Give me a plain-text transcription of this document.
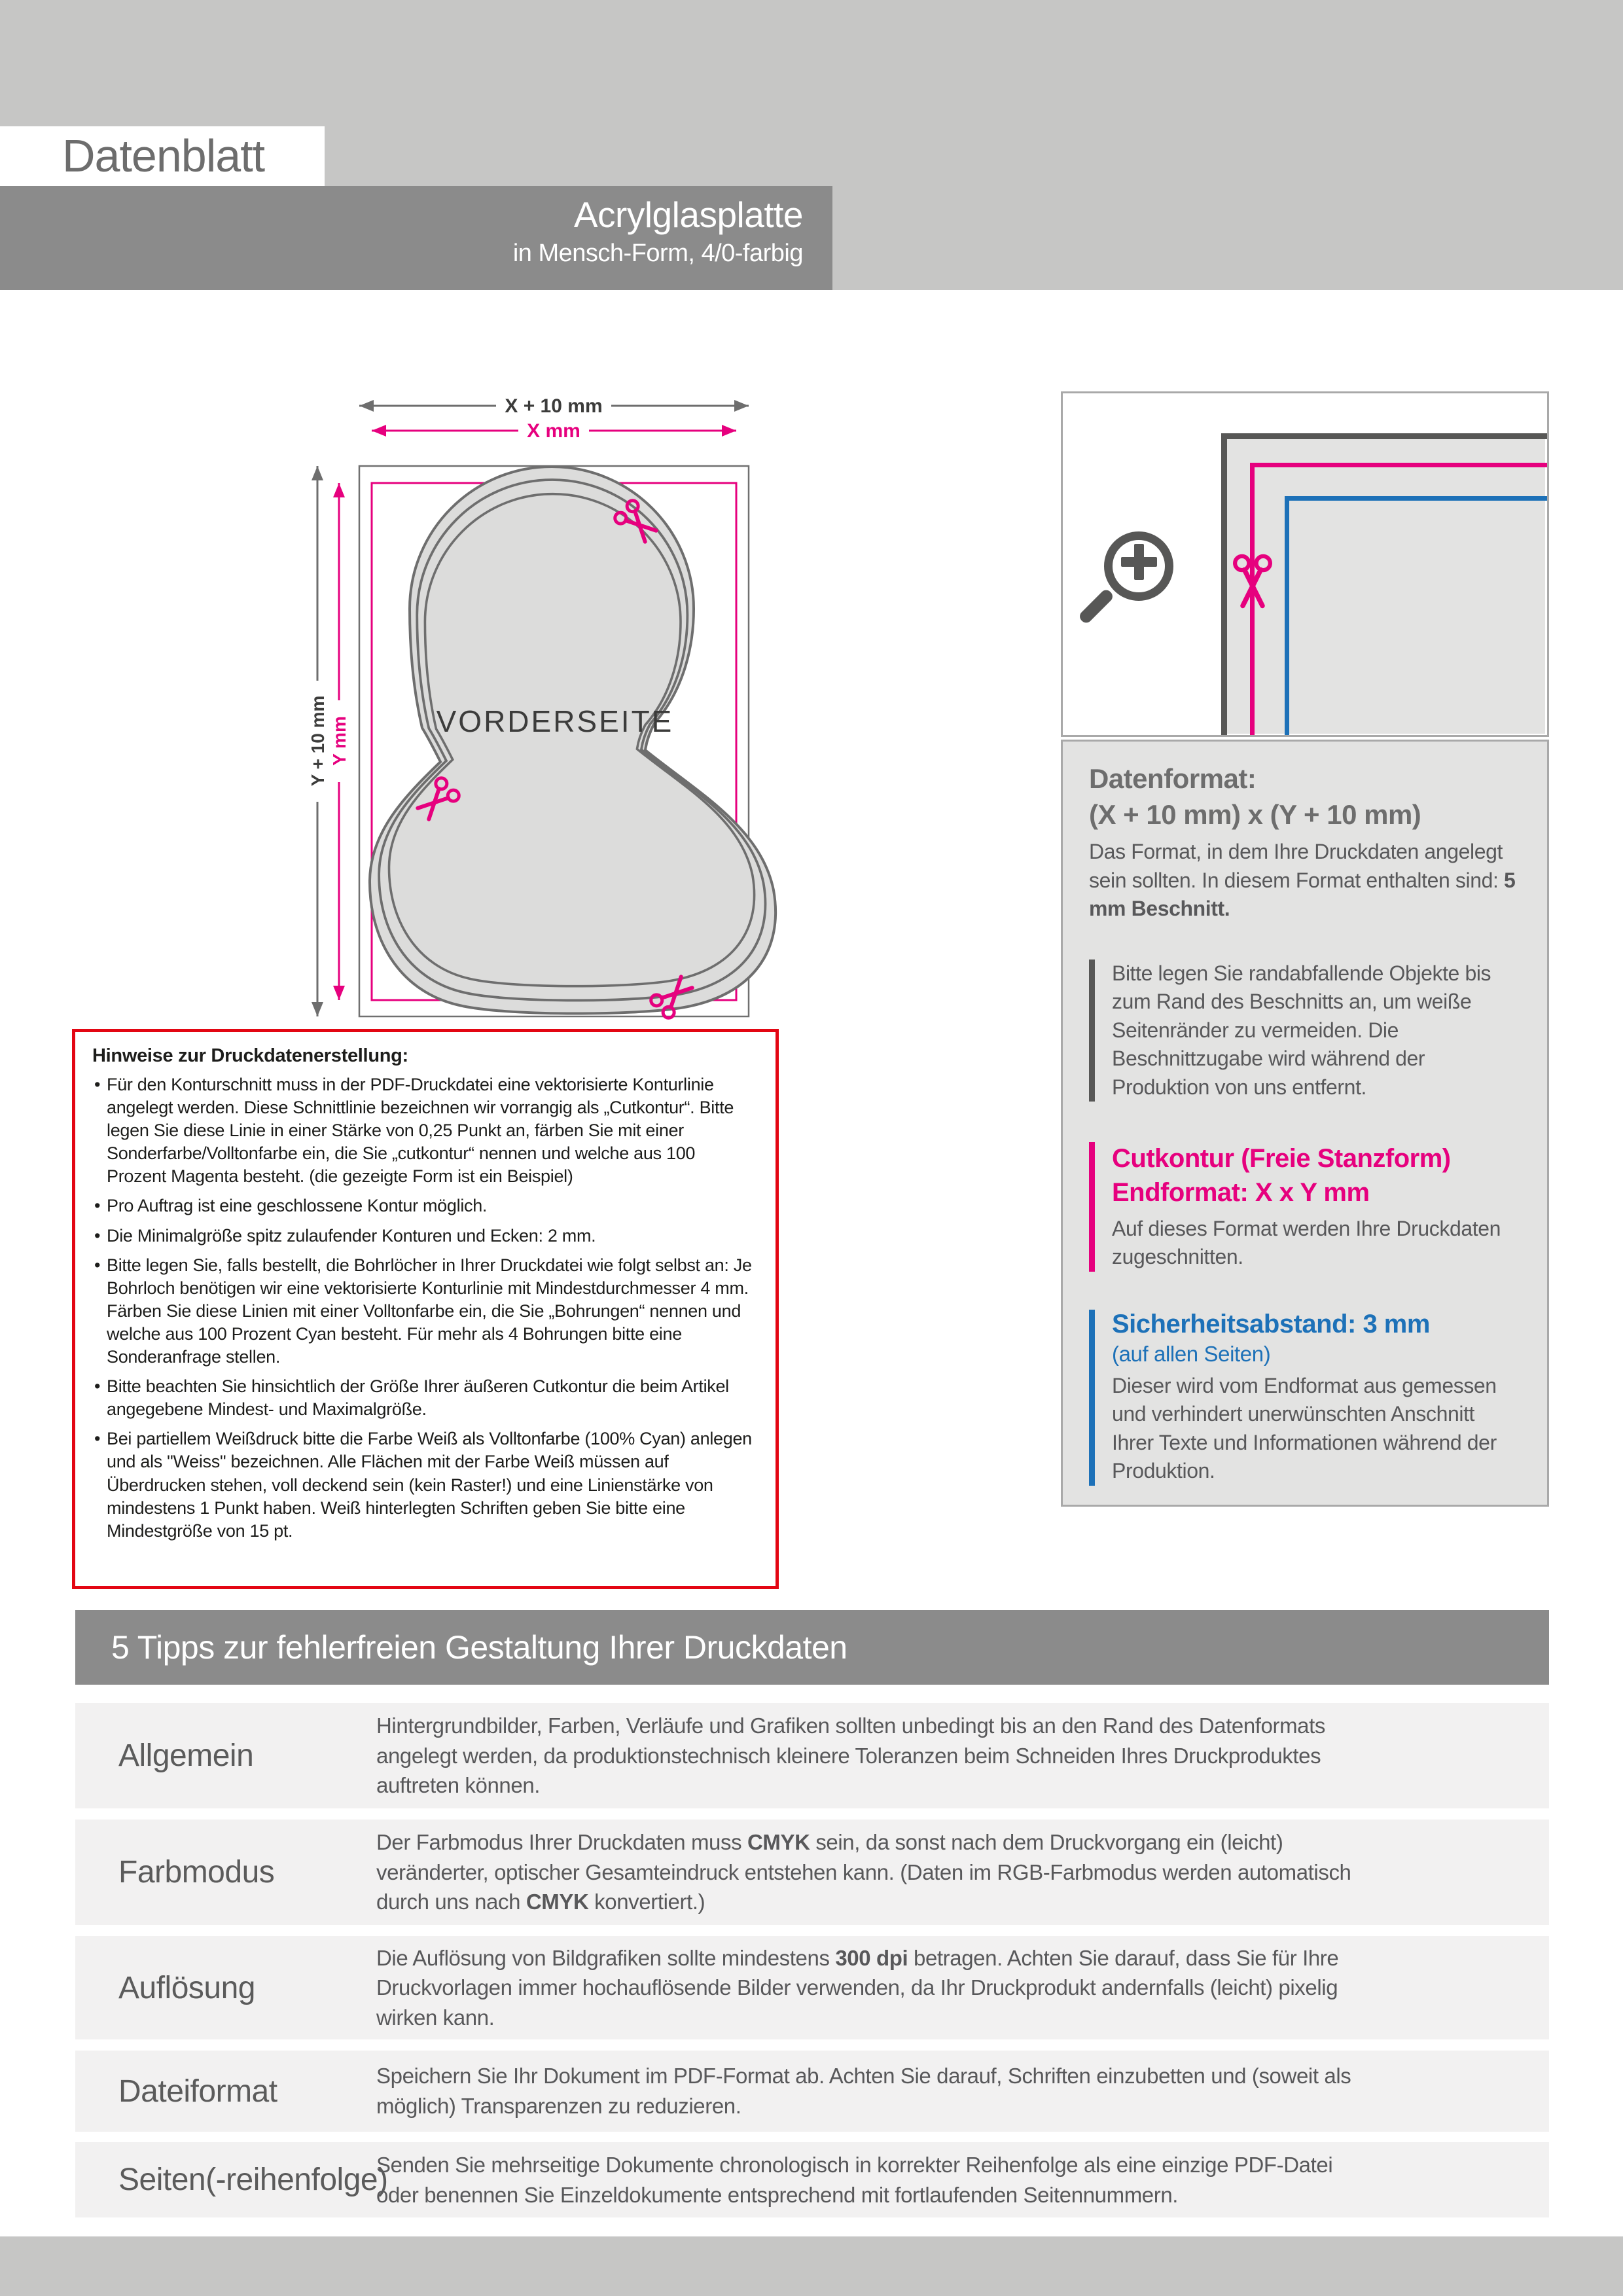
Datenblatt
Acrylglasplatte
in Mensch-Form, 4/0-farbig
X + 10 mm
X mm
Y + 10 mm Y mm	VORDERSEITE
Datenformat:
(X + 10 mm) x (Y + 10 mm)
Das Format, in dem Ihre Druckdaten angelegt sein sollten. In diesem Format enthalten sind: 5 mm Beschnitt.
Bitte legen Sie randabfallende Objekte bis zum Rand des Beschnitts an, um weiße Seitenränder zu vermeiden. Die Beschnittzugabe wird während der Produktion von uns entfernt.
Cutkontur (Freie Stanzform)
Endformat: X x Y mm
Auf dieses Format werden Ihre Druckdaten zugeschnitten.
Sicherheitsabstand: 3 mm
(auf allen Seiten)
Dieser wird vom Endformat aus gemessen und verhindert unerwünschten Anschnitt Ihrer Texte und Informationen während der Produktion.
Hinweise zur Druckdatenerstellung:
• Für den Konturschnitt muss in der PDF-Druckdatei eine vektorisierte Konturlinie angelegt werden. Diese Schnittlinie bezeichnen wir vorrangig als „Cutkontur“. Bitte legen Sie diese Linie in einer Stärke von 0,25 Punkt an, färben Sie mit einer Sonderfarbe/Volltonfarbe ein, die Sie „cutkontur“ nennen und welche aus 100 Prozent Magenta besteht. (die gezeigte Form ist ein Beispiel)
• Pro Auftrag ist eine geschlossene Kontur möglich.
• Die Minimalgröße spitz zulaufender Konturen und Ecken: 2 mm.
• Bitte legen Sie, falls bestellt, die Bohrlöcher in Ihrer Druckdatei wie folgt selbst an: Je Bohrloch benötigen wir eine vektorisierte Konturlinie mit Mindestdurchmesser 4 mm. Färben Sie diese Linien mit einer Volltonfarbe ein, die Sie „Bohrungen“ nennen und welche aus 100 Prozent Cyan besteht. Für mehr als 4 Bohrungen bitte eine Sonderanfrage stellen.
• Bitte beachten Sie hinsichtlich der Größe Ihrer äußeren Cutkontur die beim Artikel angegebene Mindest- und Maximalgröße.
• Bei partiellem Weißdruck bitte die Farbe Weiß als Volltonfarbe (100% Cyan) anlegen und als "Weiss" bezeichnen. Alle Flächen mit der Farbe Weiß müssen auf Überdrucken stehen, voll deckend sein (kein Raster!) und eine Linienstärke von mindestens 1 Punkt haben. Weiß hinterlegten Schriften geben Sie bitte eine Mindestgröße von 15 pt.
5 Tipps zur fehlerfreien Gestaltung Ihrer Druckdaten
Allgemein
Hintergrundbilder, Farben, Verläufe und Grafiken sollten unbedingt bis an den Rand des Datenformats angelegt werden, da produktionstechnisch kleinere Toleranzen beim Schneiden Ihres Druckproduktes auftreten können.
Farbmodus
Der Farbmodus Ihrer Druckdaten muss CMYK sein, da sonst nach dem Druckvorgang ein (leicht) veränderter, optischer Gesamteindruck entstehen kann. (Daten im RGB-Farbmodus werden automatisch durch uns nach CMYK konvertiert.)
Auflösung
Die Auflösung von Bildgrafiken sollte mindestens 300 dpi betragen. Achten Sie darauf, dass Sie für Ihre Druckvorlagen immer hochauflösende Bilder verwenden, da Ihr Druckprodukt andernfalls (leicht) pixelig wirken kann.
Dateiformat	Speichern Sie Ihr Dokument im PDF-Format ab. Achten Sie darauf, Schriften einzubetten und (soweit als möglich) Transparenzen zu reduzieren.
Seiten(-reihenfolge)
Senden Sie mehrseitige Dokumente chronologisch in korrekter Reihenfolge als eine einzige PDF-Datei oder benennen Sie Einzeldokumente entsprechend mit fortlaufenden Seitennummern.
